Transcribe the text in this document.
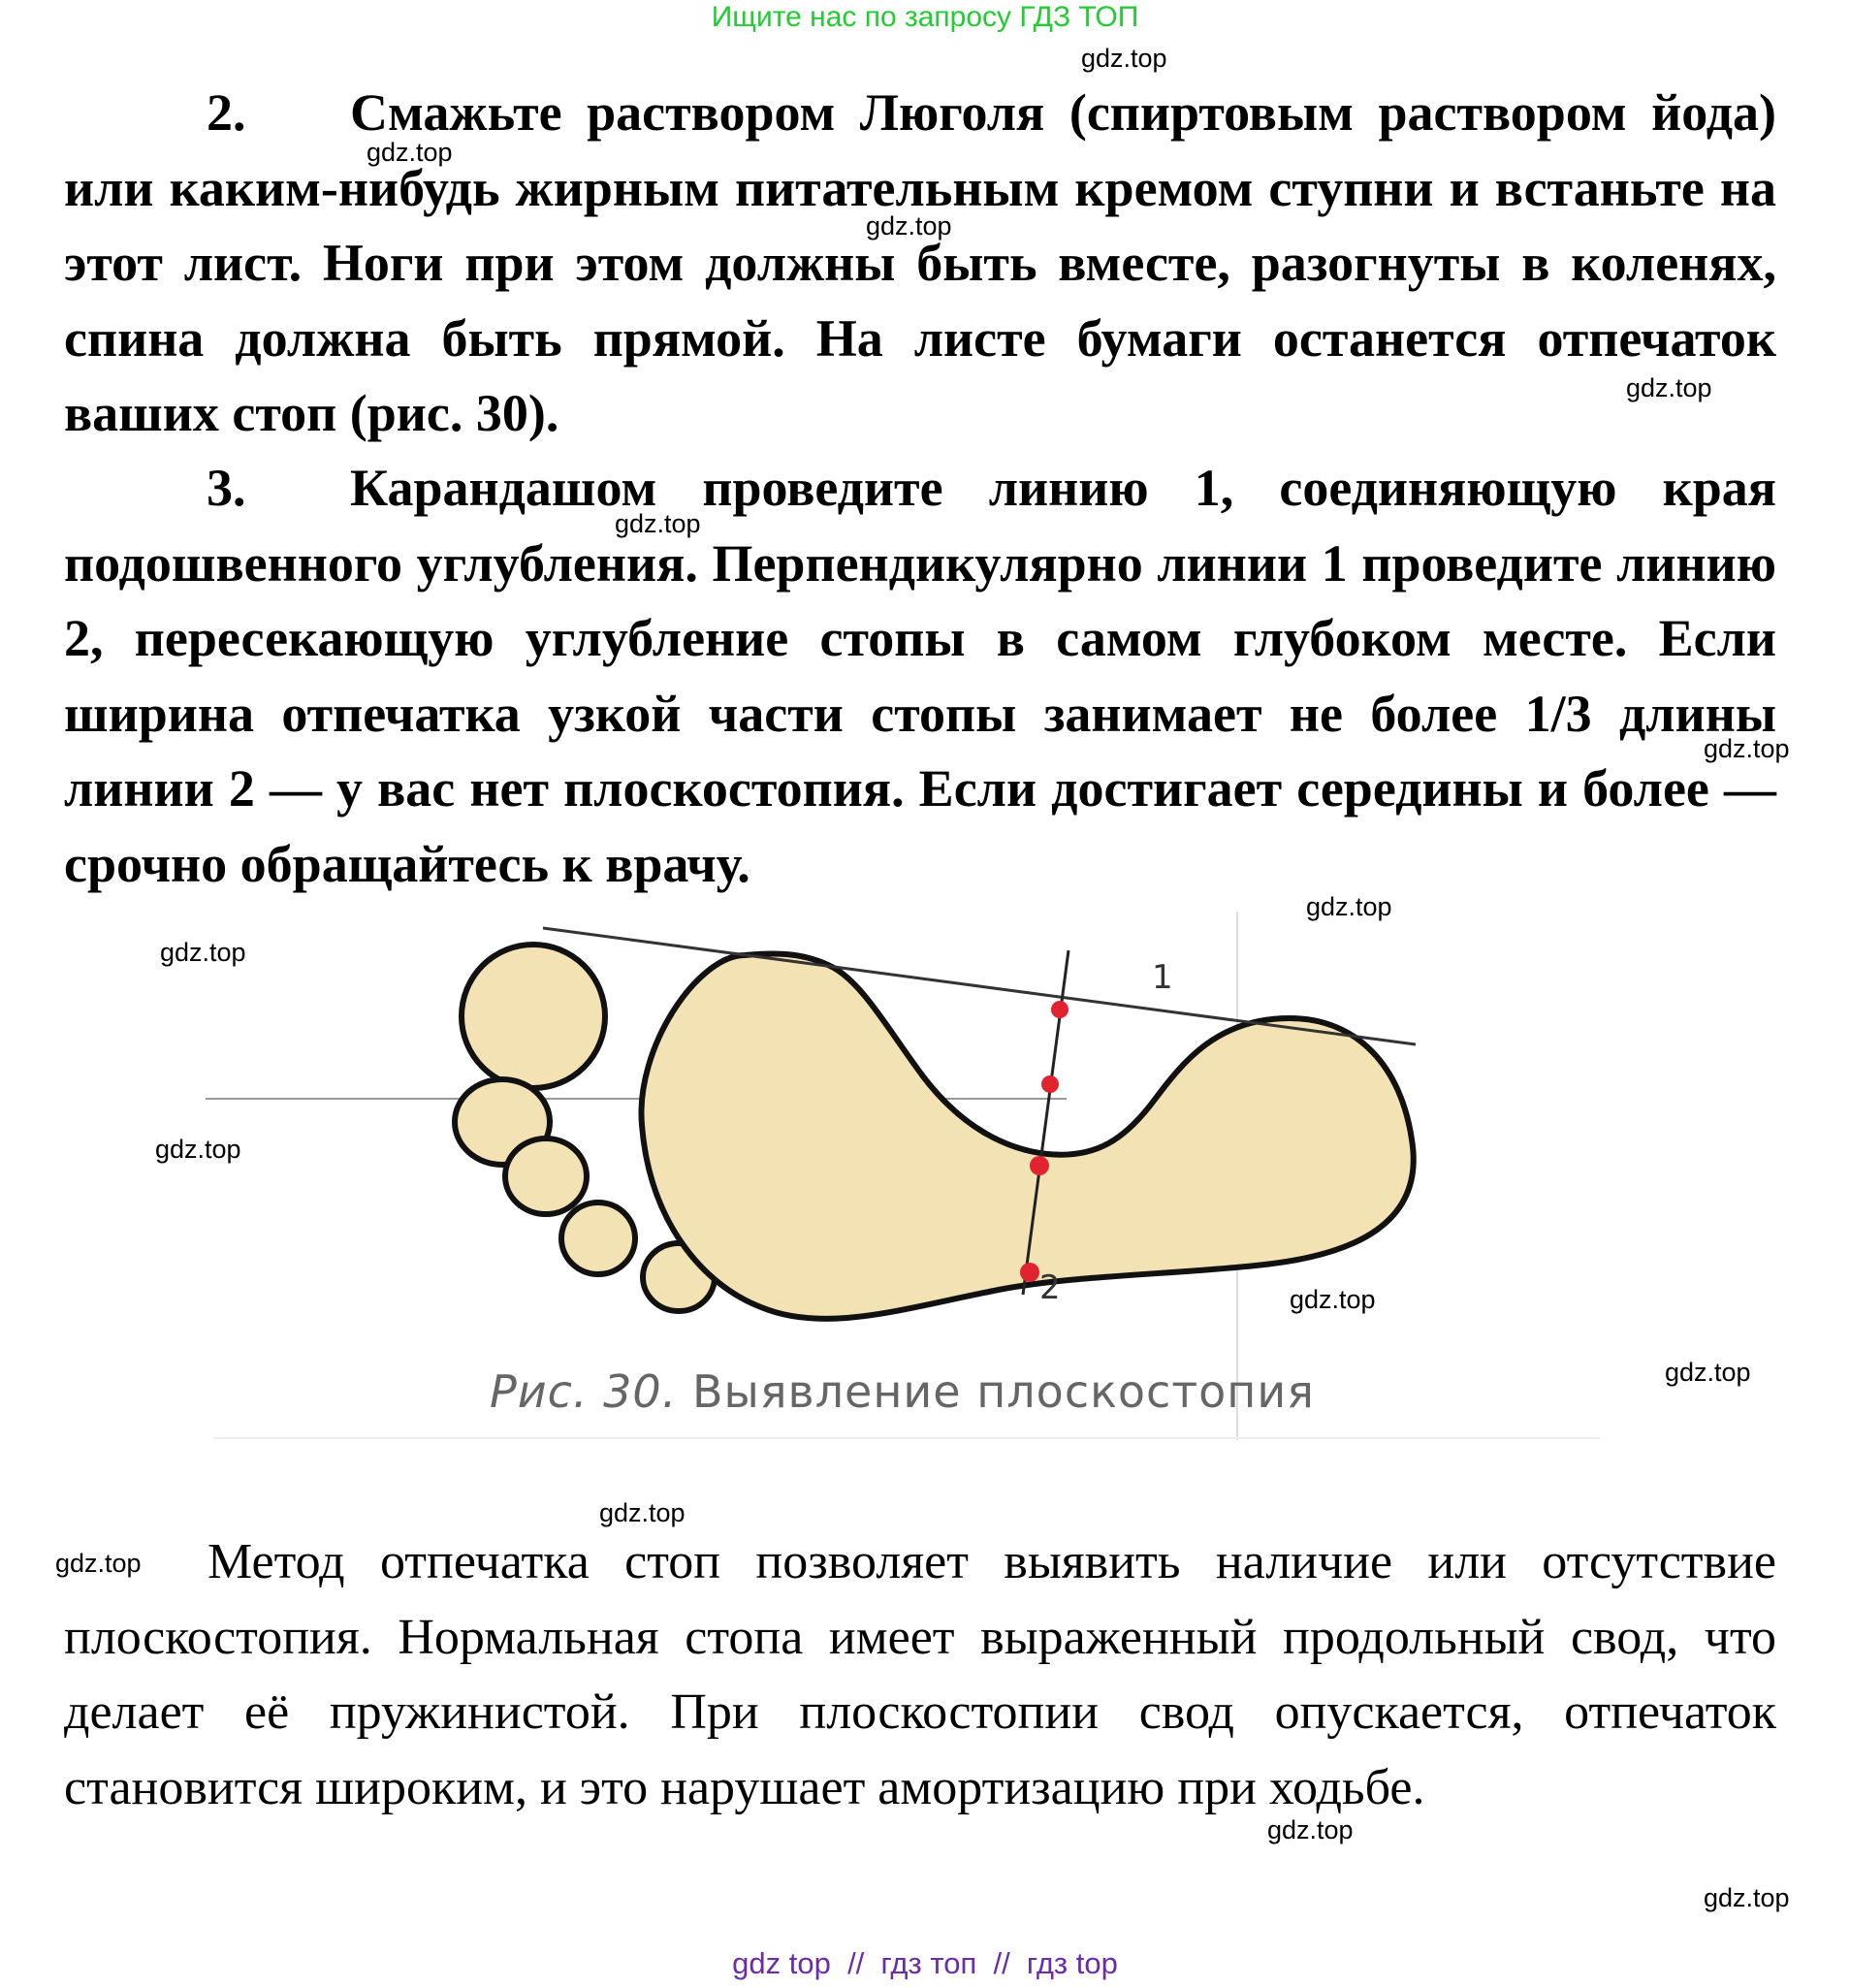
Ищите нас по запросу ГДЗ ТОП
gdz.top
gdz.top
gdz.top
gdz.top
gdz.top
gdz.top
gdz.top
gdz.top
gdz.top
gdz.top
gdz.top
gdz.top
gdz.top
gdz.top
gdz.top
2. Смажьте раствором Люголя (спиртовым раствором йода) или каким-нибудь жирным питательным кремом ступни и встаньте на этот лист. Ноги при этом должны быть вместе, разогнуты в коленях, спина должна быть прямой. На листе бумаги останется отпечаток ваших стоп (рис. 30).
3. Карандашом проведите линию 1, соединяющую края подошвенного углубления. Перпендикулярно линии 1 проведите линию 2, пересекающую углубление стопы в самом глубоком месте. Если ширина отпечатка узкой части стопы занимает не более 1/3 длины линии 2 — у вас нет плоскостопия. Если достигает середины и более — срочно обращайтесь к врачу.
1
2
Рис. 30. Выявление плоскостопия
Метод отпечатка стоп позволяет выявить наличие или отсутствие плоскостопия. Нормальная стопа имеет выраженный продольный свод, что делает её пружинистой. При плоскостопии свод опускается, отпечаток становится широким, и это нарушает амортизацию при ходьбе.
gdz top  //  гдз топ  //  гдз top
